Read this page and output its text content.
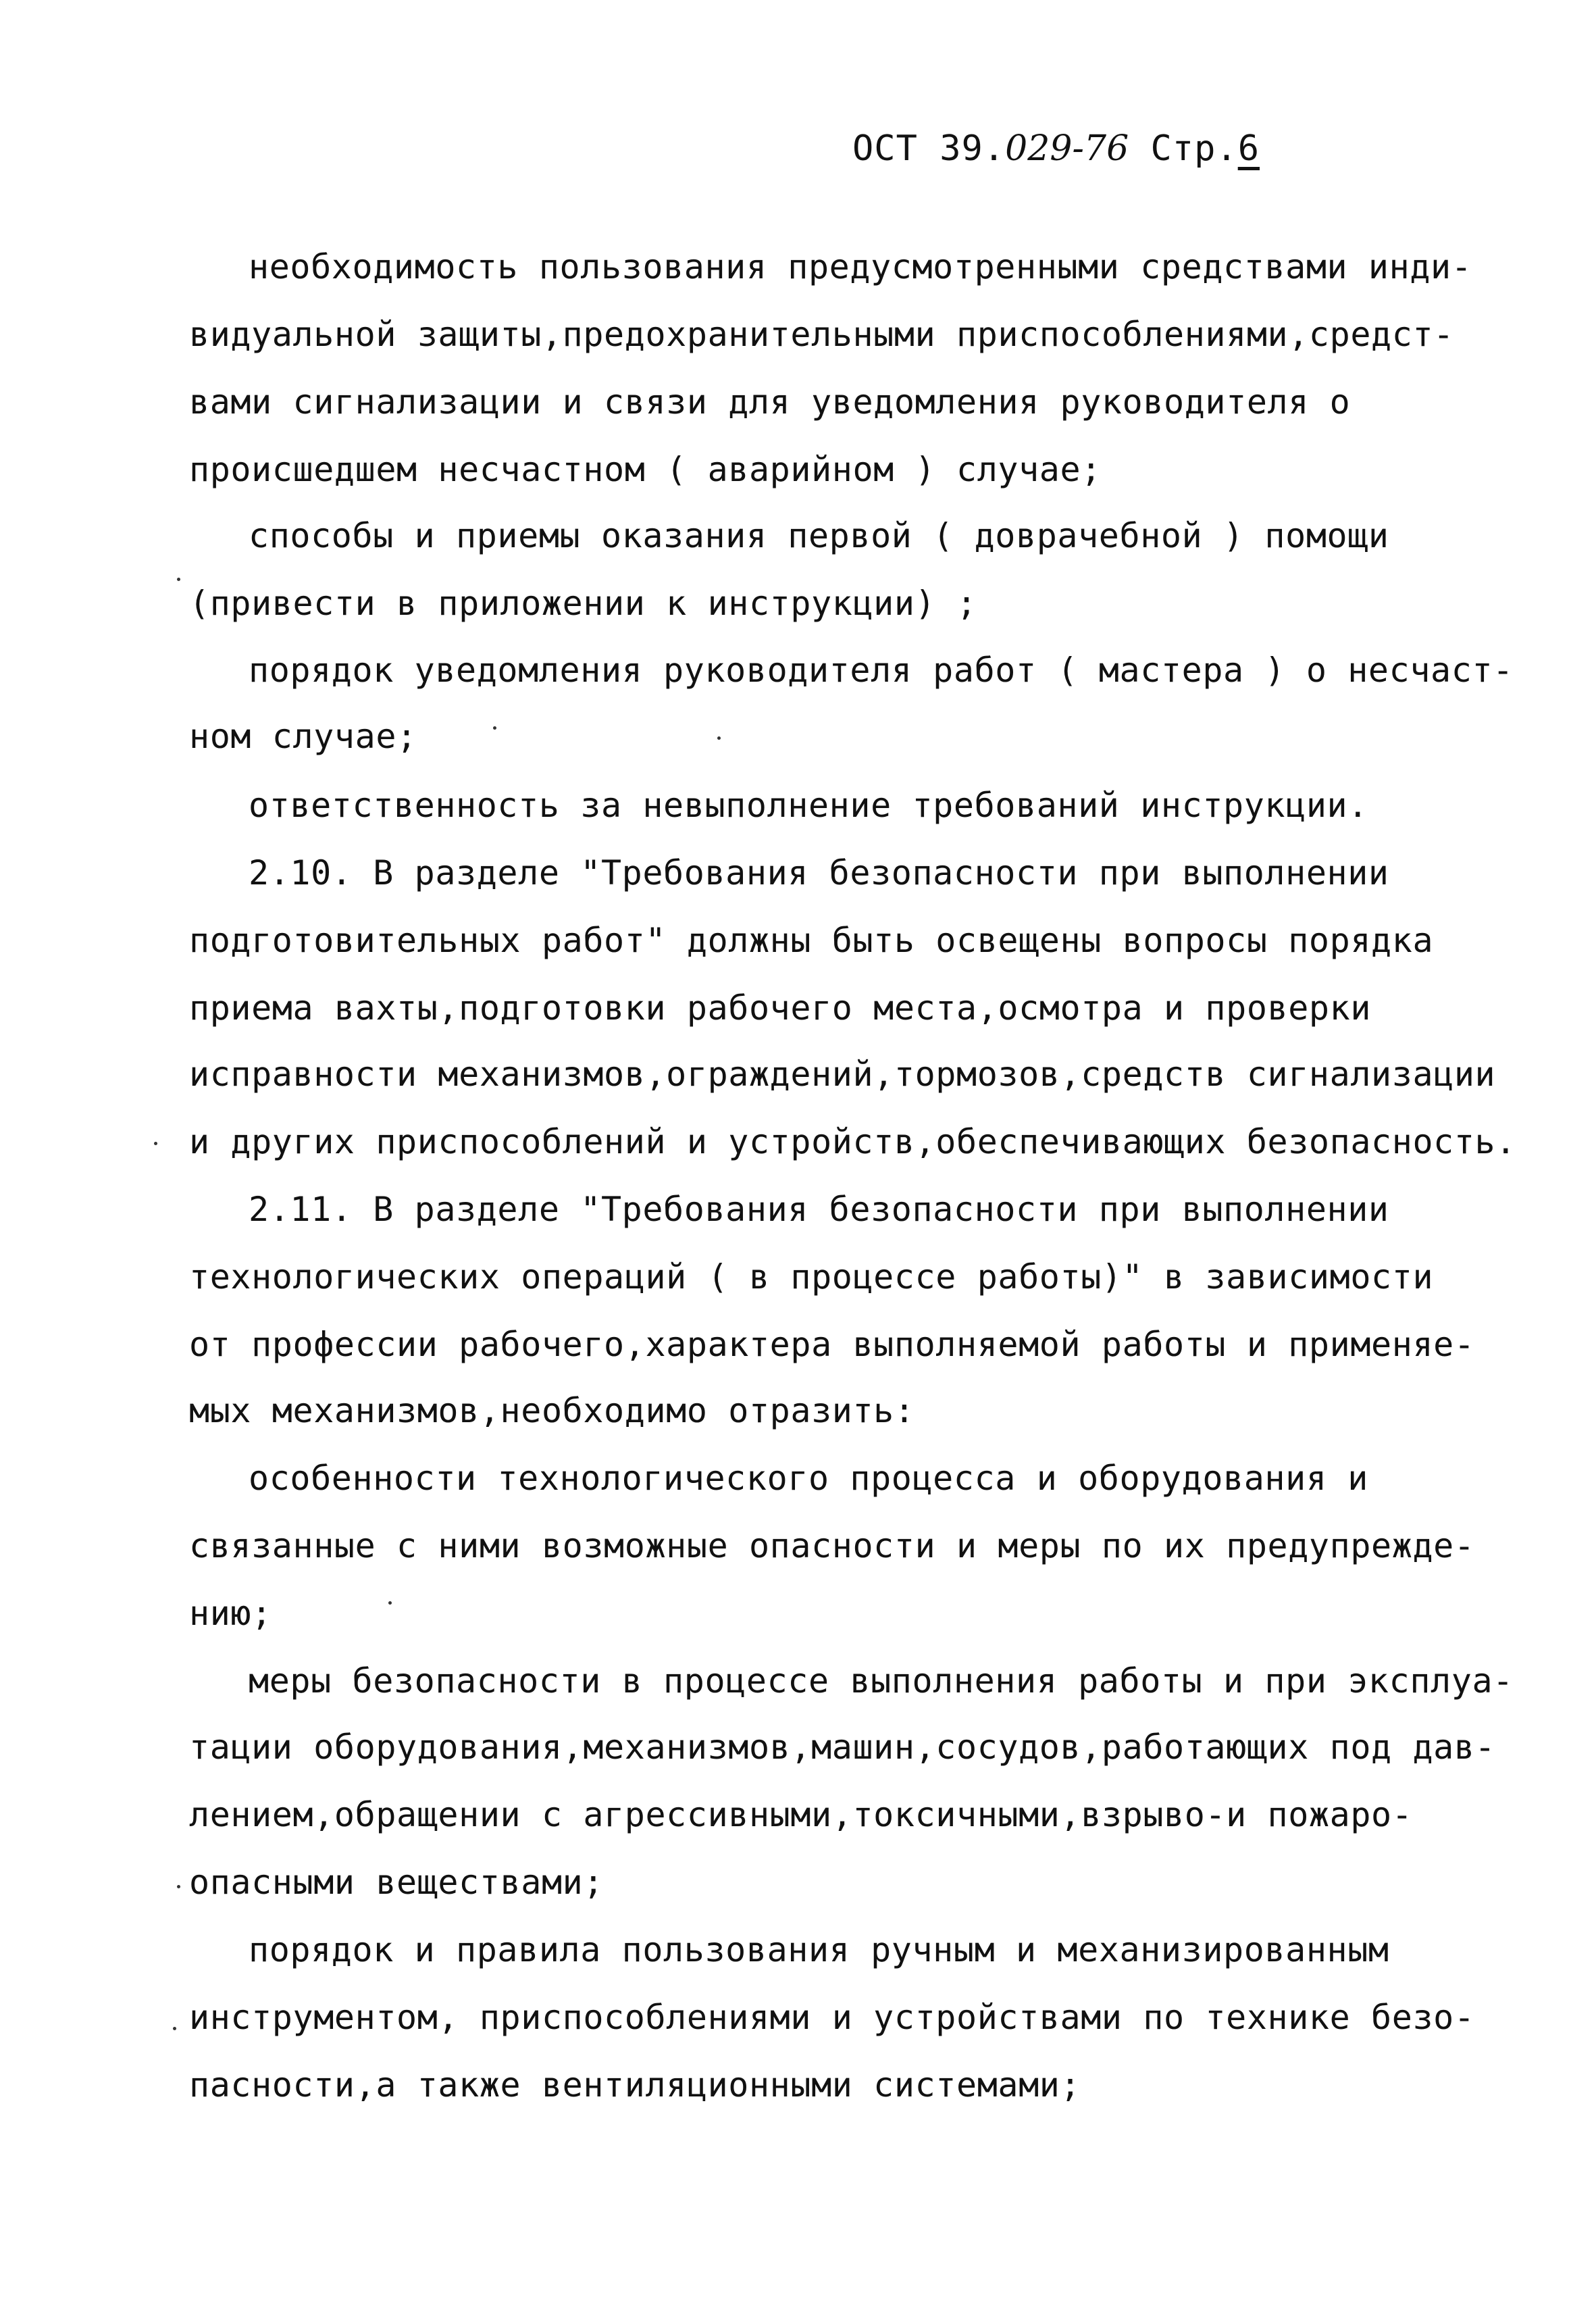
ОСТ 39.029-76 Стр.6
необходимость пользования предусмотренными средствами инди-
видуальной защиты,предохранительными приспособлениями,средст-
вами сигнализации и связи для уведомления руководителя о
происшедшем несчастном ( аварийном ) случае;
способы и приемы оказания первой ( доврачебной ) помощи
(привести в приложении к инструкции) ;
порядок уведомления руководителя работ ( мастера ) о несчаст-
ном случае;
ответственность за невыполнение требований инструкции.
2.10. В разделе "Требования безопасности при выполнении
подготовительных работ" должны быть освещены вопросы порядка
приема вахты,подготовки рабочего места,осмотра и проверки
исправности механизмов,ограждений,тормозов,средств сигнализации
и других приспособлений и устройств,обеспечивающих безопасность.
2.11. В разделе "Требования безопасности при выполнении
технологических операций ( в процессе работы)" в зависимости
от профессии рабочего,характера выполняемой работы и применяе-
мых механизмов,необходимо отразить:
особенности технологического процесса и оборудования и
связанные с ними возможные опасности и меры по их предупрежде-
нию;
меры безопасности в процессе выполнения работы и при эксплуа-
тации оборудования,механизмов,машин,сосудов,работающих под дав-
лением,обращении с агрессивными,токсичными,взрыво-и пожаро-
опасными веществами;
порядок и правила пользования ручным и механизированным
инструментом, приспособлениями и устройствами по технике безо-
пасности,а также вентиляционными системами;
